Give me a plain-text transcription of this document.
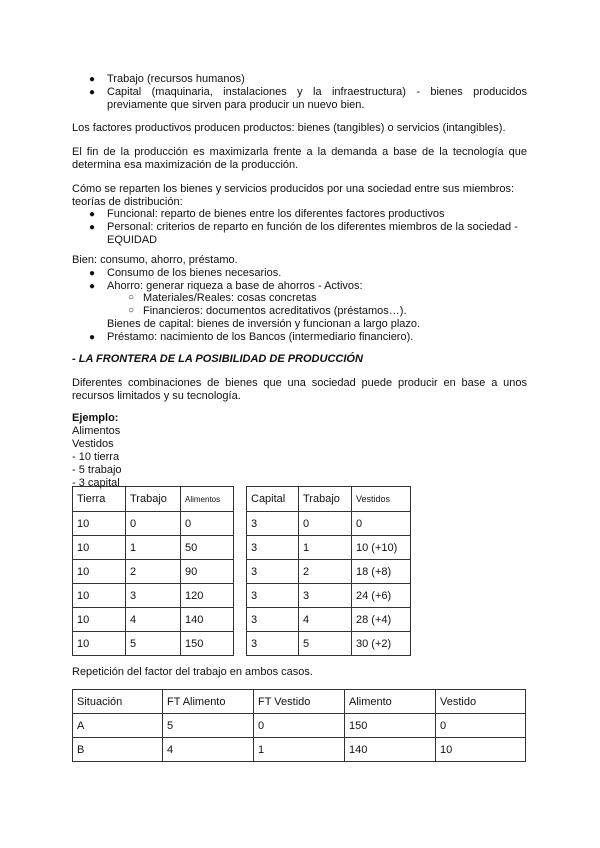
● Trabajo (recursos humanos)
● Capital (maquinaria, instalaciones y la infraestructura) - bienes producidos previamente que sirven para producir un nuevo bien.

Los factores productivos producen productos: bienes (tangibles) o servicios (intangibles).

El fin de la producción es maximizarla frente a la demanda a base de la tecnología que determina esa maximización de la producción.

Cómo se reparten los bienes y servicios producidos por una sociedad entre sus miembros: teorías de distribución:

● Funcional: reparto de bienes entre los diferentes factores productivos
● Personal: criterios de reparto en función de los diferentes miembros de la sociedad - EQUIDAD

Bien: consumo, ahorro, préstamo.

● Consumo de los bienes necesarios.
● Ahorro: generar riqueza a base de ahorros - Activos:
○ Materiales/Reales: cosas concretas
○ Financieros: documentos acreditativos (préstamos…).

Bienes de capital: bienes de inversión y funcionan a largo plazo.

● Préstamo: nacimiento de los Bancos (intermediario financiero).

- LA FRONTERA DE LA POSIBILIDAD DE PRODUCCIÓN

Diferentes combinaciones de bienes que una sociedad puede producir en base a unos recursos limitados y su tecnología.

Ejemplo:
Alimentos
Vestidos
- 10 tierra
- 5 trabajo
- 3 capital
Tierra	Trabajo	Alimentos
10	0	0
10	1	50
10	2	90
10	3	120
10	4	140
10	5	150
Capital	Trabajo	Vestidos
3	0	0
3	1	10 (+10)
3	2	18 (+8)
3	3	24 (+6)
3	4	28 (+4)
3	5	30 (+2)

Repetición del factor del trabajo en ambos casos.

Situación	FT Alimento	FT Vestido	Alimento	Vestido
A	5	0	150	0
B	4	1	140	10
